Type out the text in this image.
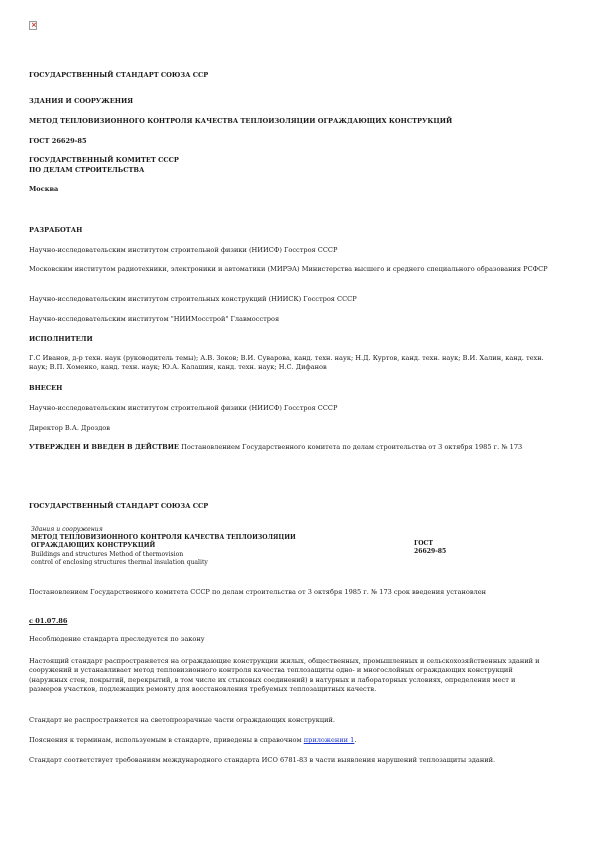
×
ГОСУДАРСТВЕННЫЙ СТАНДАРТ СОЮЗА ССР
ЗДАНИЯ И СООРУЖЕНИЯ
МЕТОД ТЕПЛОВИЗИОННОГО КОНТРОЛЯ КАЧЕСТВА ТЕПЛОИЗОЛЯЦИИ ОГРАЖДАЮЩИХ КОНСТРУКЦИЙ
ГОСТ 26629-85
ГОСУДАРСТВЕННЫЙ КОМИТЕТ СССР
ПО ДЕЛАМ СТРОИТЕЛЬСТВА
Москва
РАЗРАБОТАН
Научно-исследовательским институтом строительной физики (НИИСФ) Госстроя СССР
Московским институтом радиотехники, электроники и автоматики (МИРЭА) Министерства высшего и среднего специального образования РСФСР
Научно-исследовательским институтом строительных конструкций (НИИСК) Госстроя СССР
Научно-исследовательским институтом "НИИМосстрой" Главмосстроя
ИСПОЛНИТЕЛИ
Г.С Иванов, д-р техн. наук (руководитель темы); А.В. Зоков; В.И. Суварова, канд. техн. наук; Н.Д. Куртов, канд. техн. наук; В.И. Халин, канд. техн. наук; В.П. Хоменко, канд. техн. наук; Ю.А. Калашин, канд. техн. наук; Н.С. Дифанов
ВНЕСЕН
Научно-исследовательским институтом строительной физики (НИИСФ) Госстроя СССР
Директор В.А. Дроздов
УТВЕРЖДЕН И ВВЕДЕН В ДЕЙСТВИЕ Постановлением Государственного комитета по делам строительства от 3 октября 1985 г. № 173
ГОСУДАРСТВЕННЫЙ СТАНДАРТ СОЮЗА ССР
Здания и сооружения
МЕТОД ТЕПЛОВИЗИОННОГО КОНТРОЛЯ КАЧЕСТВА ТЕПЛОИЗОЛЯЦИИ
ОГРАЖДАЮЩИХ КОНСТРУКЦИЙ
Buildings and structures Method of thermovision
control of enclosing structures thermal insulation quality
ГОСТ
26629-85
Постановлением Государственного комитета СССР по делам строительства от 3 октября 1985 г. № 173 срок введения установлен
с 01.07.86
Несоблюдение стандарта преследуется по закону
Настоящий стандарт распространяется на ограждающие конструкции жилых, общественных, промышленных и сельскохозяйственных зданий и сооружений и устанавливает метод тепловизионного контроля качества теплозащиты одно- и многослойных ограждающих конструкций (наружных стен, покрытий, перекрытий, в том числе их стыковых соединений) в натурных и лабораторных условиях, определения мест и размеров участков, подлежащих ремонту для восстановления требуемых теплозащитных качеств.
Стандарт не распространяется на светопрозрачные части ограждающих конструкций.
Пояснения к терминам, используемым в стандарте, приведены в справочном приложении 1.
Стандарт соответствует требованиям международного стандарта ИСО 6781-83 в части выявления нарушений теплозащиты зданий.
